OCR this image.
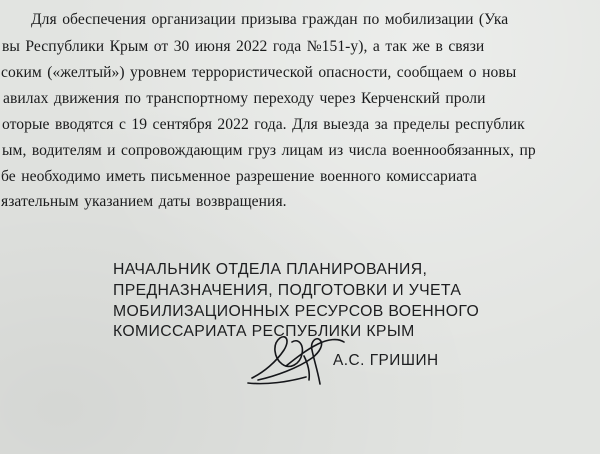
Для обеспечения организации призыва граждан по мобилизации (Ука
вы Республики Крым от 30 июня 2022 года №151-у), а так же в связи
соким («желтый») уровнем террористической опасности, сообщаем о новы
авилах движения по транспортному переходу через Керченский проли
оторые вводятся с 19 сентября 2022 года. Для выезда за пределы республик
ым, водителям и сопровождающим груз лицам из числа военнообязанных, пр
бе необходимо иметь письменное разрешение военного комиссариата
язательным указанием даты возвращения.
НАЧАЛЬНИК ОТДЕЛА ПЛАНИРОВАНИЯ,
ПРЕДНАЗНАЧЕНИЯ, ПОДГОТОВКИ И УЧЕТА
МОБИЛИЗАЦИОННЫХ РЕСУРСОВ ВОЕННОГО
КОМИССАРИАТА РЕСПУБЛИКИ КРЫМ
А.С. ГРИШИН
